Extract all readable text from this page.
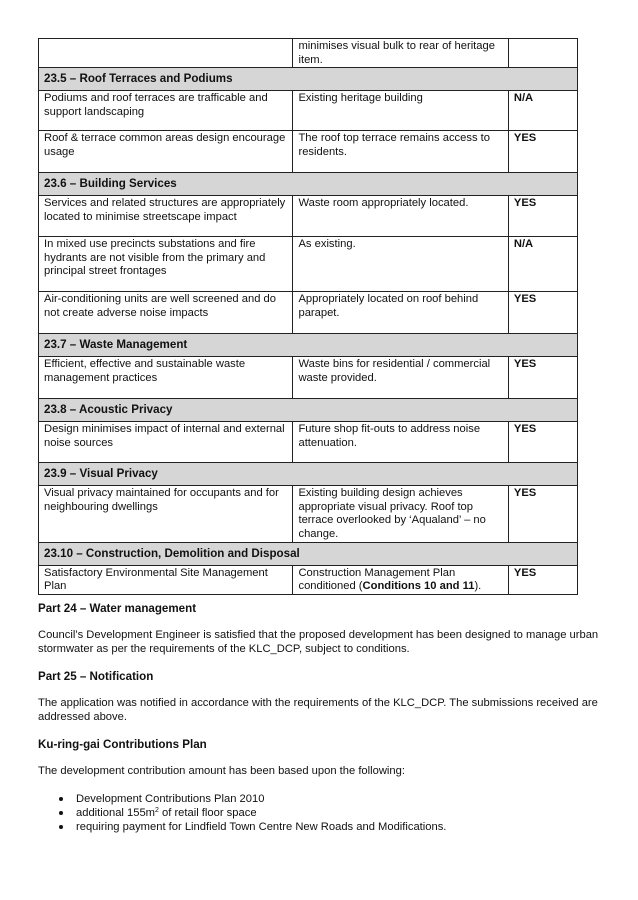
	minimises visual bulk to rear of heritage item.	
23.5 – Roof Terraces and Podiums		
Podiums and roof terraces are trafficable and support landscaping	Existing heritage building	N/A
Roof & terrace common areas design encourage usage	The roof top terrace remains access to residents.	YES
23.6 – Building Services		
Services and related structures are appropriately located to minimise streetscape impact	Waste room appropriately located.	YES
In mixed use precincts substations and fire hydrants are not visible from the primary and principal street frontages	As existing.	N/A
Air-conditioning units are well screened and do not create adverse noise impacts	Appropriately located on roof behind parapet.	YES
23.7 – Waste Management		
Efficient, effective and sustainable waste management practices	Waste bins for residential / commercial waste provided.	YES
23.8 – Acoustic Privacy		
Design minimises impact of internal and external noise sources	Future shop fit-outs to address noise attenuation.	YES
23.9 – Visual Privacy		
Visual privacy maintained for occupants and for neighbouring dwellings	Existing building design achieves appropriate visual privacy. Roof top terrace overlooked by ‘Aqualand’ – no change.	YES
23.10 – Construction, Demolition and Disposal		
Satisfactory Environmental Site Management Plan	Construction Management Plan conditioned (Conditions 10 and 11).	YES
Part 24 – Water management
Council’s Development Engineer is satisfied that the proposed development has been designed to manage urban stormwater as per the requirements of the KLC_DCP, subject to conditions.
Part 25 – Notification
The application was notified in accordance with the requirements of the KLC_DCP. The submissions received are addressed above.
Ku-ring-gai Contributions Plan
The development contribution amount has been based upon the following:
Development Contributions Plan 2010
additional $155m^2$ of retail floor space
requiring payment for Lindfield Town Centre New Roads and Modifications.
